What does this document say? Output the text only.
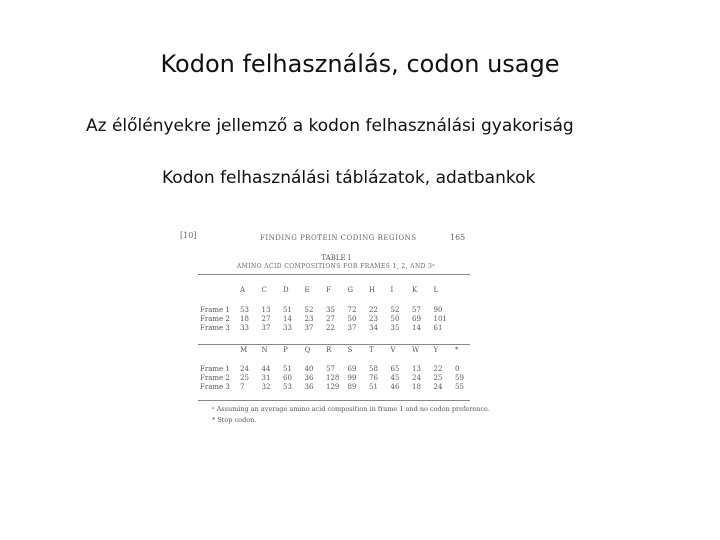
Kodon felhasználás, codon usage
Az élőlényekre jellemző a kodon felhasználási gyakoriság
Kodon felhasználási táblázatok, adatbankok
[10]	FINDING PROTEIN CODING REGIONS	165
TABLE I
AMINO ACID COMPOSITIONS FOR FRAMES 1, 2, AND 3ᵃ
A C D E F G H I	K L
Frame 1 53 13 51 52 35 72 22 52 57 90
Frame 2 18 27 14 23 27 50 23 50 69 101
Frame 3 33 37 33 37 22 37 34 35 14 61
M N P Q R S T V W Y *
Frame 1 24 44 51 40 57 69 58 65 13 22 0
Frame 2 25 31 60 36 128 99 76 45 24 25 59
Frame 3 7 32 53 36 129 89 51 46 18 24 55
ᵃ Assuming an average amino acid composition in frame 1 and no codon preference.
* Stop codon.
